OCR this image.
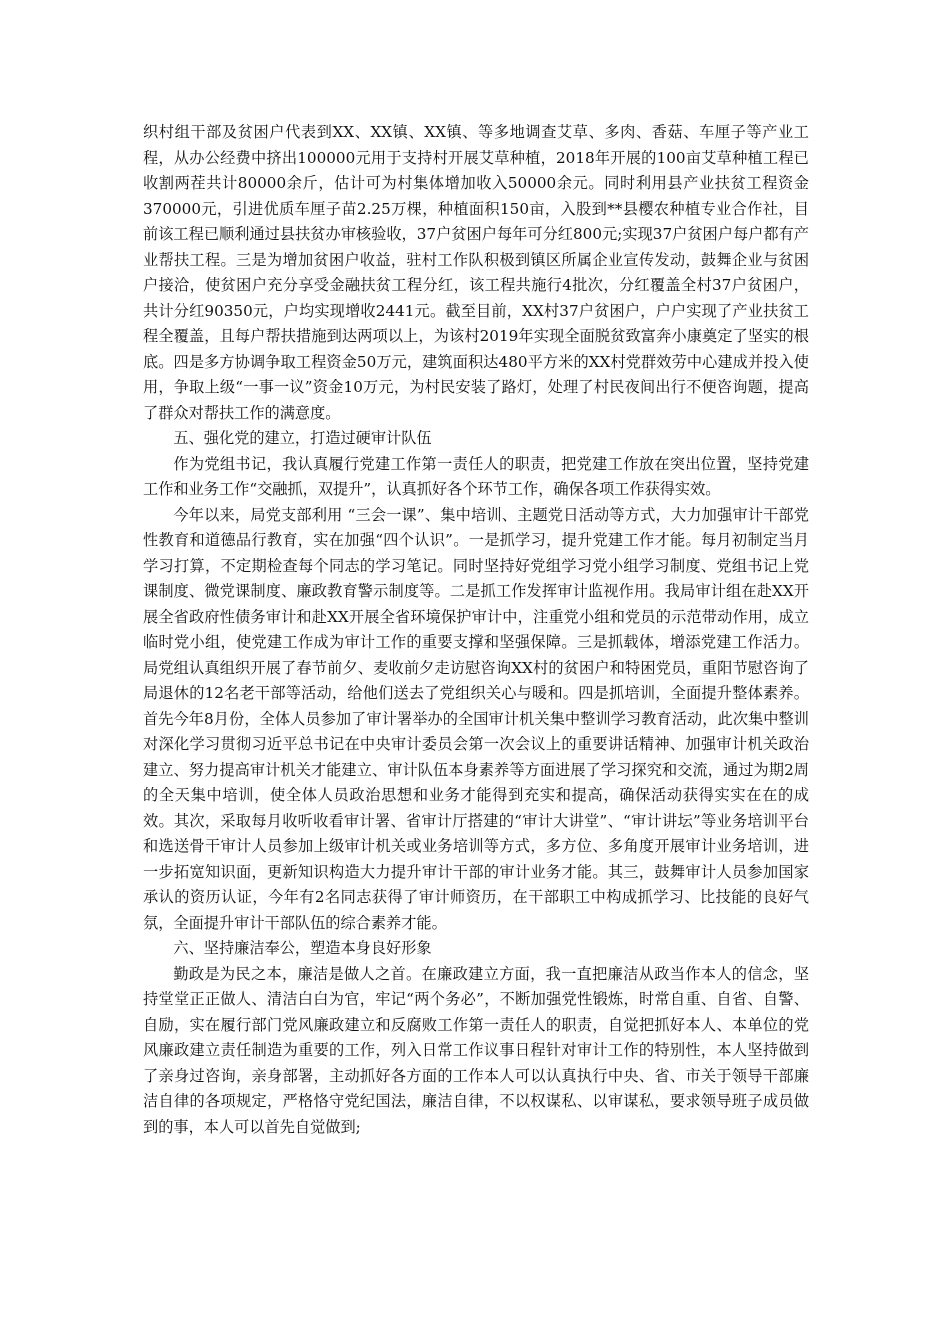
织村组干部及贫困户代表到XX、XX镇、XX镇、等多地调查艾草、多肉、香菇、车厘子等产业工程，从办公经费中挤出100000元用于支持村开展艾草种植，2018年开展的100亩艾草种植工程已收割两茬共计80000余斤，估计可为村集体增加收入50000余元。同时利用县产业扶贫工程资金370000元，引进优质车厘子苗2.25万棵，种植面积150亩，入股到**县樱农种植专业合作社，目前该工程已顺利通过县扶贫办审核验收，37户贫困户每年可分红800元;实现37户贫困户每户都有产业帮扶工程。三是为增加贫困户收益，驻村工作队积极到镇区所属企业宣传发动，鼓舞企业与贫困户接洽，使贫困户充分享受金融扶贫工程分红，该工程共施行4批次，分红覆盖全村37户贫困户，共计分红90350元，户均实现增收2441元。截至目前，XX村37户贫困户，户户实现了产业扶贫工程全覆盖，且每户帮扶措施到达两项以上，为该村2019年实现全面脱贫致富奔小康奠定了坚实的根底。四是多方协调争取工程资金50万元，建筑面积达480平方米的XX村党群效劳中心建成并投入使用，争取上级“一事一议”资金10万元，为村民安装了路灯，处理了村民夜间出行不便咨询题，提高了群众对帮扶工作的满意度。

五、强化党的建立，打造过硬审计队伍

作为党组书记，我认真履行党建工作第一责任人的职责，把党建工作放在突出位置，坚持党建工作和业务工作“交融抓，双提升”，认真抓好各个环节工作，确保各项工作获得实效。

今年以来，局党支部利用 “三会一课”、集中培训、主题党日活动等方式，大力加强审计干部党性教育和道德品行教育，实在加强“四个认识”。一是抓学习，提升党建工作才能。每月初制定当月学习打算，不定期检查每个同志的学习笔记。同时坚持好党组学习党小组学习制度、党组书记上党课制度、微党课制度、廉政教育警示制度等。二是抓工作发挥审计监视作用。我局审计组在赴XX开展全省政府性债务审计和赴XX开展全省环境保护审计中，注重党小组和党员的示范带动作用，成立临时党小组，使党建工作成为审计工作的重要支撑和坚强保障。三是抓载体，增添党建工作活力。局党组认真组织开展了春节前夕、麦收前夕走访慰咨询XX村的贫困户和特困党员，重阳节慰咨询了局退休的12名老干部等活动，给他们送去了党组织关心与暖和。四是抓培训，全面提升整体素养。首先今年8月份，全体人员参加了审计署举办的全国审计机关集中整训学习教育活动，此次集中整训对深化学习贯彻习近平总书记在中央审计委员会第一次会议上的重要讲话精神、加强审计机关政治建立、努力提高审计机关才能建立、审计队伍本身素养等方面进展了学习探究和交流，通过为期2周的全天集中培训，使全体人员政治思想和业务才能得到充实和提高，确保活动获得实实在在的成效。其次，采取每月收听收看审计署、省审计厅搭建的“审计大讲堂”、“审计讲坛”等业务培训平台和选送骨干审计人员参加上级审计机关或业务培训等方式，多方位、多角度开展审计业务培训，进一步拓宽知识面，更新知识构造大力提升审计干部的审计业务才能。其三，鼓舞审计人员参加国家承认的资历认证，今年有2名同志获得了审计师资历，在干部职工中构成抓学习、比技能的良好气氛，全面提升审计干部队伍的综合素养才能。

六、坚持廉洁奉公，塑造本身良好形象

勤政是为民之本，廉洁是做人之首。在廉政建立方面，我一直把廉洁从政当作本人的信念，坚持堂堂正正做人、清洁白白为官，牢记“两个务必”，不断加强党性锻炼，时常自重、自省、自警、自励，实在履行部门党风廉政建立和反腐败工作第一责任人的职责，自觉把抓好本人、本单位的党风廉政建立责任制造为重要的工作，列入日常工作议事日程针对审计工作的特别性，本人坚持做到了亲身过咨询，亲身部署，主动抓好各方面的工作本人可以认真执行中央、省、市关于领导干部廉洁自律的各项规定，严格恪守党纪国法，廉洁自律，不以权谋私、以审谋私，要求领导班子成员做到的事，本人可以首先自觉做到;
